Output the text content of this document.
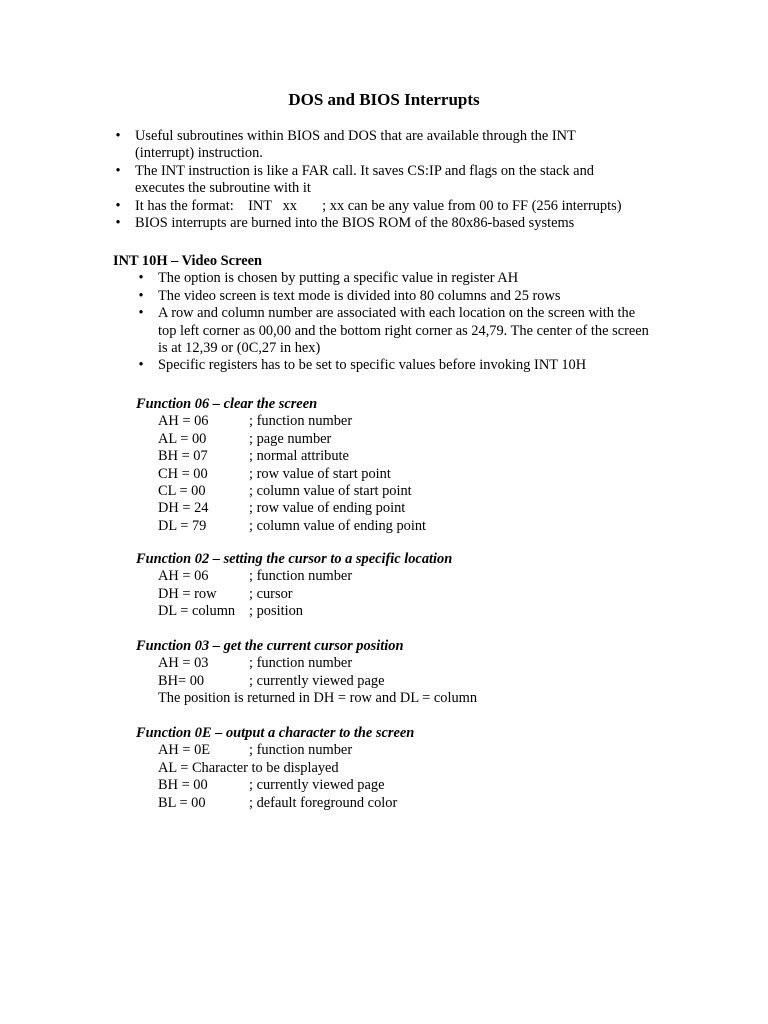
DOS and BIOS Interrupts
• Useful subroutines within BIOS and DOS that are available through the INT (interrupt) instruction.
• The INT instruction is like a FAR call. It saves CS:IP and flags on the stack and executes the subroutine with it
• It has the format:    INT   xx       ; xx can be any value from 00 to FF (256 interrupts)
• BIOS interrupts are burned into the BIOS ROM of the 80x86-based systems

INT 10H – Video Screen

• The option is chosen by putting a specific value in register AH
• The video screen is text mode is divided into 80 columns and 25 rows
• A row and column number are associated with each location on the screen with the top left corner as 00,00 and the bottom right corner as 24,79. The center of the screen is at 12,39 or (0C,27 in hex)
• Specific registers has to be set to specific values before invoking INT 10H

Function 06 – clear the screen

AH = 06	; function number
AL = 00	; page number
BH = 07	; normal attribute
CH = 00	; row value of start point
CL = 00	; column value of start point
DH = 24	; row value of ending point
DL = 79	; column value of ending point

Function 02 – setting the cursor to a specific location

AH = 06	; function number
DH = row	; cursor
DL = column ; position

Function 03 – get the current cursor position

AH = 03	; function number
BH= 00	; currently viewed page
The position is returned in DH = row and DL = column

Function 0E – output a character to the screen

AH = 0E	; function number
AL = Character to be displayed
BH = 00	; currently viewed page
BL = 00	; default foreground color
